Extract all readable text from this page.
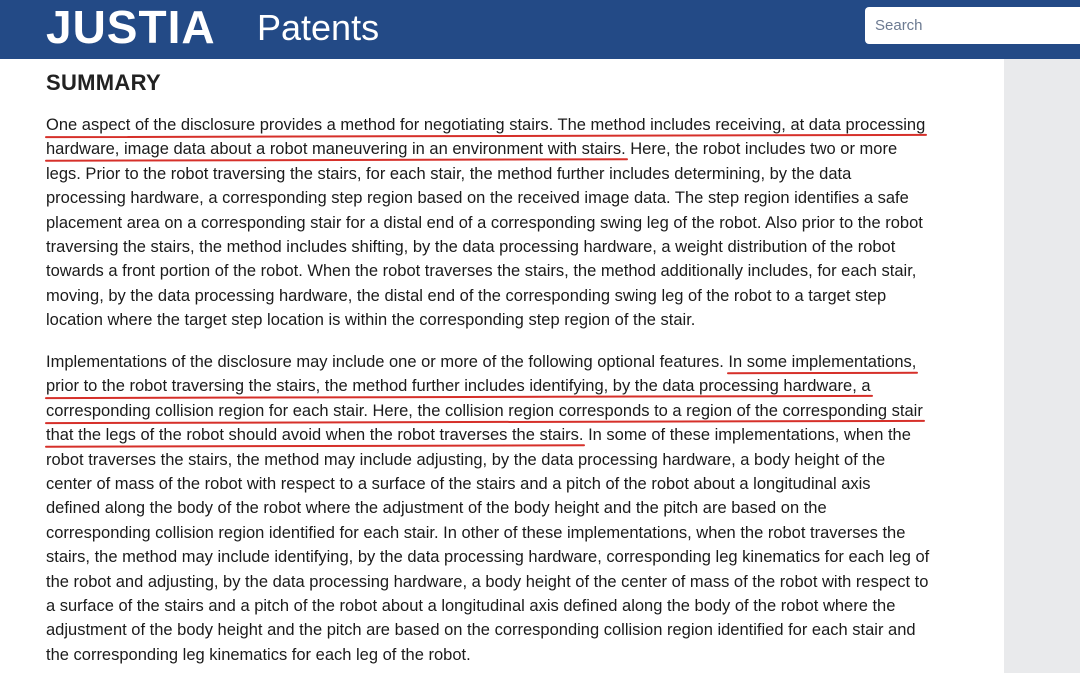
JUSTIA Patents
Search
SUMMARY

One aspect of the disclosure provides a method for negotiating stairs. The method includes receiving, at data processing
hardware, image data about a robot maneuvering in an environment with stairs. Here, the robot includes two or more
legs. Prior to the robot traversing the stairs, for each stair, the method further includes determining, by the data
processing hardware, a corresponding step region based on the received image data. The step region identifies a safe
placement area on a corresponding stair for a distal end of a corresponding swing leg of the robot. Also prior to the robot
traversing the stairs, the method includes shifting, by the data processing hardware, a weight distribution of the robot
towards a front portion of the robot. When the robot traverses the stairs, the method additionally includes, for each stair,
moving, by the data processing hardware, the distal end of the corresponding swing leg of the robot to a target step
location where the target step location is within the corresponding step region of the stair.

Implementations of the disclosure may include one or more of the following optional features. In some implementations,
prior to the robot traversing the stairs, the method further includes identifying, by the data processing hardware, a
corresponding collision region for each stair. Here, the collision region corresponds to a region of the corresponding stair
that the legs of the robot should avoid when the robot traverses the stairs. In some of these implementations, when the
robot traverses the stairs, the method may include adjusting, by the data processing hardware, a body height of the
center of mass of the robot with respect to a surface of the stairs and a pitch of the robot about a longitudinal axis
defined along the body of the robot where the adjustment of the body height and the pitch are based on the
corresponding collision region identified for each stair. In other of these implementations, when the robot traverses the
stairs, the method may include identifying, by the data processing hardware, corresponding leg kinematics for each leg of
the robot and adjusting, by the data processing hardware, a body height of the center of mass of the robot with respect to
a surface of the stairs and a pitch of the robot about a longitudinal axis defined along the body of the robot where the
adjustment of the body height and the pitch are based on the corresponding collision region identified for each stair and
the corresponding leg kinematics for each leg of the robot.
